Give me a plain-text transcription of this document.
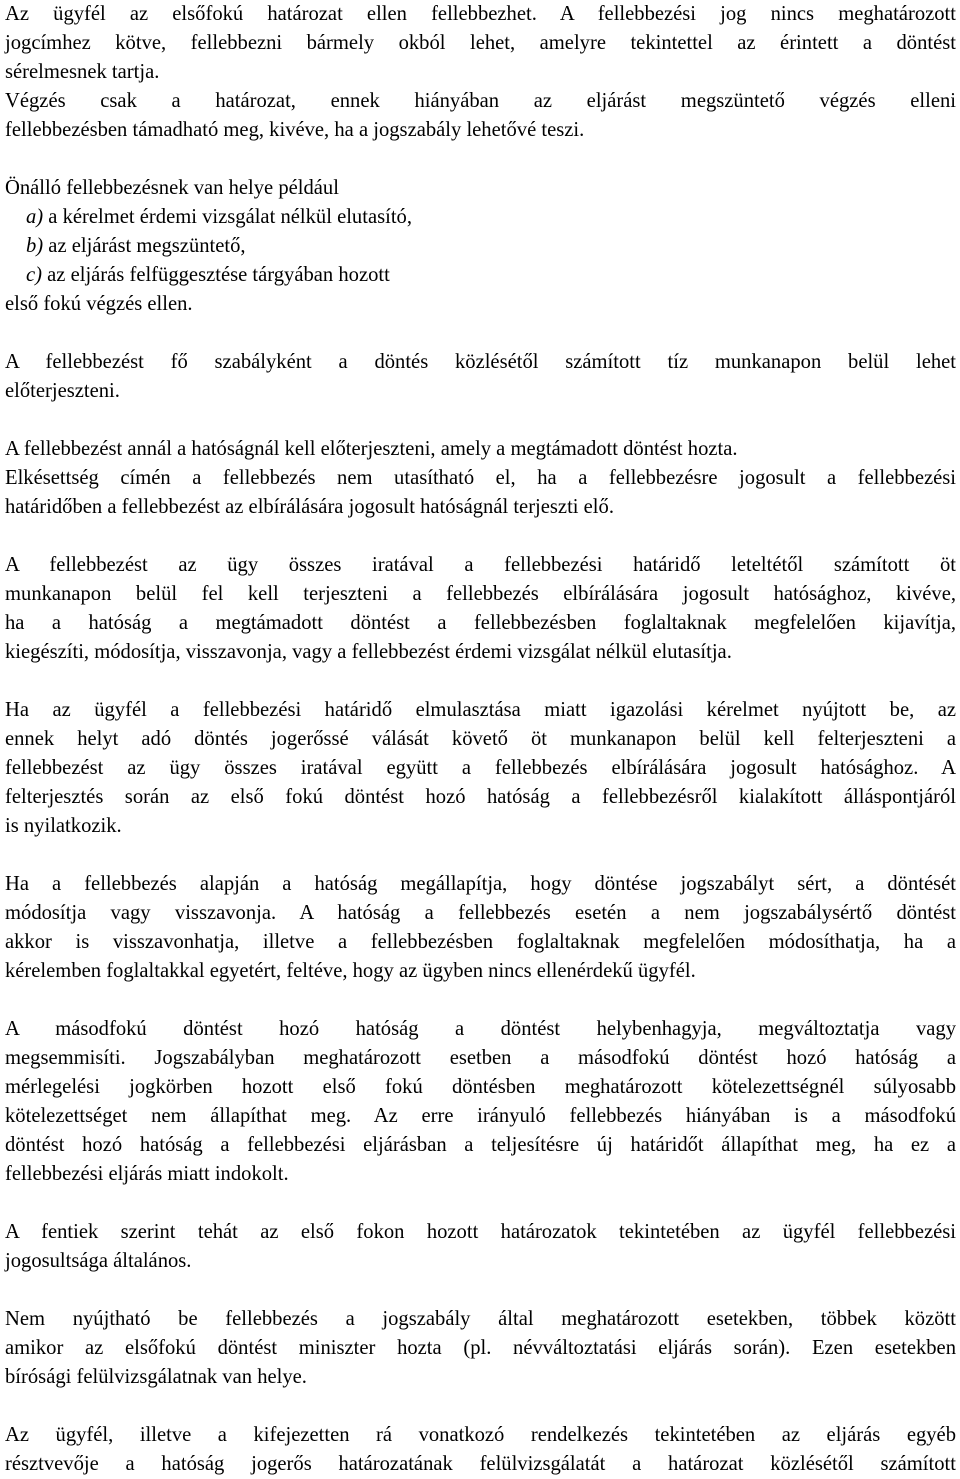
Az ügyfél az elsőfokú határozat ellen fellebbezhet. A fellebbezési jog nincs meghatározott
jogcímhez kötve, fellebbezni bármely okból lehet, amelyre tekintettel az érintett a döntést
sérelmesnek tartja.
Végzés csak a határozat, ennek hiányában az eljárást megszüntető végzés elleni
fellebbezésben támadható meg, kivéve, ha a jogszabály lehetővé teszi.
Önálló fellebbezésnek van helye például
a) a kérelmet érdemi vizsgálat nélkül elutasító,
b) az eljárást megszüntető,
c) az eljárás felfüggesztése tárgyában hozott
első fokú végzés ellen.
A fellebbezést fő szabályként a döntés közlésétől számított tíz munkanapon belül lehet
előterjeszteni.
A fellebbezést annál a hatóságnál kell előterjeszteni, amely a megtámadott döntést hozta.
Elkésettség címén a fellebbezés nem utasítható el, ha a fellebbezésre jogosult a fellebbezési
határidőben a fellebbezést az elbírálására jogosult hatóságnál terjeszti elő.
A fellebbezést az ügy összes iratával a fellebbezési határidő leteltétől számított öt
munkanapon belül fel kell terjeszteni a fellebbezés elbírálására jogosult hatósághoz, kivéve,
ha a hatóság a megtámadott döntést a fellebbezésben foglaltaknak megfelelően kijavítja,
kiegészíti, módosítja, visszavonja, vagy a fellebbezést érdemi vizsgálat nélkül elutasítja.
Ha az ügyfél a fellebbezési határidő elmulasztása miatt igazolási kérelmet nyújtott be, az
ennek helyt adó döntés jogerőssé válását követő öt munkanapon belül kell felterjeszteni a
fellebbezést az ügy összes iratával együtt a fellebbezés elbírálására jogosult hatósághoz. A
felterjesztés során az első fokú döntést hozó hatóság a fellebbezésről kialakított álláspontjáról
is nyilatkozik.
Ha a fellebbezés alapján a hatóság megállapítja, hogy döntése jogszabályt sért, a döntését
módosítja vagy visszavonja. A hatóság a fellebbezés esetén a nem jogszabálysértő döntést
akkor is visszavonhatja, illetve a fellebbezésben foglaltaknak megfelelően módosíthatja, ha a
kérelemben foglaltakkal egyetért, feltéve, hogy az ügyben nincs ellenérdekű ügyfél.
A másodfokú döntést hozó hatóság a döntést helybenhagyja, megváltoztatja vagy
megsemmisíti. Jogszabályban meghatározott esetben a másodfokú döntést hozó hatóság a
mérlegelési jogkörben hozott első fokú döntésben meghatározott kötelezettségnél súlyosabb
kötelezettséget nem állapíthat meg. Az erre irányuló fellebbezés hiányában is a másodfokú
döntést hozó hatóság a fellebbezési eljárásban a teljesítésre új határidőt állapíthat meg, ha ez a
fellebbezési eljárás miatt indokolt.
A fentiek szerint tehát az első fokon hozott határozatok tekintetében az ügyfél fellebbezési
jogosultsága általános.
Nem nyújtható be fellebbezés a jogszabály által meghatározott esetekben, többek között
amikor az elsőfokú döntést miniszter hozta (pl. névváltoztatási eljárás során). Ezen esetekben
bírósági felülvizsgálatnak van helye.
Az ügyfél, illetve a kifejezetten rá vonatkozó rendelkezés tekintetében az eljárás egyéb
résztvevője a hatóság jogerős határozatának felülvizsgálatát a határozat közlésétől számított
